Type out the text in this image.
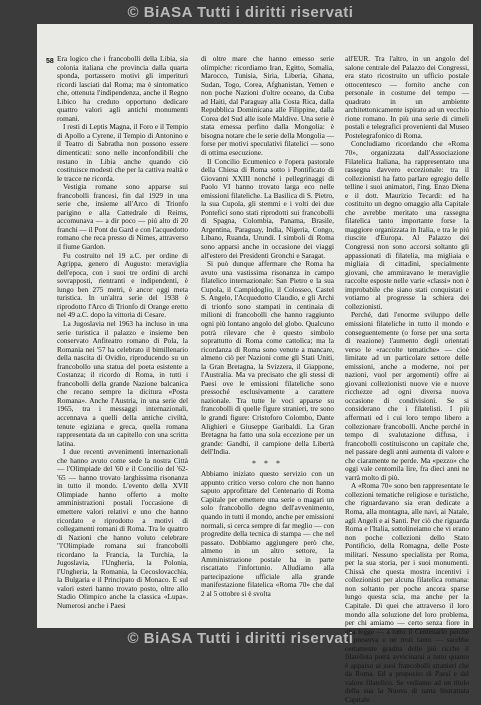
© BiASA Tutti i diritti riservati
58 Era logico che i francobolli della Libia, sia colonia italiana che provincia dalla quarta sponda, portassero motivi gli imperituri ricordi lasciati dal Roma; ma è sintomatico che, ottenuta l'indipendenza, anche il Regno Libico ha creduto opportuno dedicare quattro valori agli antichi monumenti romani.

I resti di Leptis Magna, il Foro e il Tempio di Apollo a Cyrene, il Tempio di Antonino e il Teatro di Sabratha non possono essere dimenticati: sono nelle inconfondibili che restano in Libia anche quando ciò costituisce modesti che per la cattiva realtà e le tracce ne ricorda.

Vestigia romane sono apparse sui francobolli francesi, fin dal 1929 in una serie che, insieme all'Arco di Trionfo parigino e alla Cattedrale di Reims, accomunava — a dir poco — piú alto di 20 franchi — il Pont du Gard e con l'acquedotto romano che reca presso di Nimes, attraverso il fiume Gardon.

Fu costruito nel 19 a.C. per ordine di Agrippa, genero di Augusto: meraviglia dell'epoca, con i suoi tre ordini di archi sovrapposti, rientranti e indipendenti, è lungo ben 275 metri, è ancor oggi meta turistica. In un'altra serie del 1938 è riprodotto l'Arco di Trionfo di Orange eretto nel 49 a.C. dopo la vittoria di Cesare.

La Jugoslavia nel 1963 ha incluso in una serie turistica il palazzo e insieme ben conservato Anfiteatro romano di Pola, la Romania nei '57 ha celebrato il bimillenario della nascita di Ovidio, riproducendo su un francobollo una statua del poeta esistente a Costanza; il ricordo di Roma, in tutti i francobolli della grande Nazione balcanica che recano sempre la dicitura «Posta Romana». Anche l'Austria, in una serie del 1965, tra i messaggi internazionali, accennava a quelli della antiche civiltà, tenute egiziana e greca, quella romana rappresentata da un capitello con una scritta latina.

I due recenti avvenimenti internazionali che hanno avuto come sede la nostra Città — l'Olimpiade del '60 e il Concilio del '62-'65 — hanno trovato larghissima risonanza in tutto il mondo. L'evento della XVII Olimpiade hanno offerto a molte amministrazioni postali l'occasione di emettere valori relativi e uno che hanno ricordato e riprodotto a motivi di collegamenti romani di Roma. Tra le quattro di Nazioni che hanno voluto celebrare "l'Olimpiade romana sui francobolli ricordano la Francia, la Turchia, la Jugoslavia, l'Ungheria, la Polonia, l'Ungheria, la Romania, la Cecoslovacchia, la Bulgaria e il Principato di Monaco. E sul valori esteri hanno trovato posto, oltre allo Stadio Olimpico anche la classica «Lupa». Numerosi anche i Paesi

di oltre mare che hanno emesso serie olimpiche: ricordiamo Iran, Egitto, Somalia, Marocco, Tunisia, Siria, Liberia, Ghana, Sudan, Togo, Corea, Afghanistan, Yemen e non poche Nazioni d'oltre oceano, da Cuba ad Haiti, dal Paraguay alla Costa Rica, dalla Repubblica Dominicana alle Filippine, dalla Corea del Sud alle isole Maldive. Una serie è stata emessa perfino dalla Mongolia: è bisogna notare che le serie della Mongolia — forse per motivi speculativi filatelici — sono di ottima esecuzione.

Il Concilio Ecumenico e l'opera pastorale della Chiesa di Roma sotto i Pontificato di Giovanni XXIII nonché i pellegrinaggi di Paolo VI hanno trovato larga eco nelle emissioni filateliche. La Basilica di S. Pietro, la sua Cupola, gli stemmi e i volti dei due Pontefici sono stati riprodotti sui francobolli di Spagna, Colombia, Panama, Brasile, Argentina, Paraguay, India, Nigeria, Congo, Libano, Ruanda, Urundi. I simboli di Roma sono apparsi anche in occasione dei viaggi all'estero dei Presidenti Gronchi e Saragat.

Si può dunque affermare che Roma ha avuto una vastissima risonanza in campo filatelico internazionale: San Pietro e la sua Cupola, il Campidoglio, il Colosseo, Castel S. Angelo, l'Acquedotto Claudio, e gli Archi di trionfo sono stampati in centinaia di milioni di francobolli che hanno raggiunto ogni più lontano angolo del globo. Qualcuno potrà rilevare che è questo simbolo soprattutto di Roma come cattolica; ma la ricordanza di Roma sono venute a mancare, almeno ciò per Nazioni come gli Stati Uniti, la Gran Bretagna, la Svizzera, il Giappone, l'Australia. Ma va precisato che gli stessi di Paesi ove le emissioni filateliche sono pressoché esclusivamente a carattere nazionale. Tra tutte le voci apparse su francobolli di quelle figure stranieri, tre sono le grandi figure: Cristoforo Colombo, Dante Alighieri e Giuseppe Garibaldi. La Gran Bretagna ha fatto una sola eccezione per un grande: Gandhi, il campione della Libertà dell'India.

* * *

Abbiamo iniziato questo servizio con un appunto critico verso coloro che non hanno saputo approfittare del Centenario di Roma Capitale per emettere una serie o magari un solo francobollo degno dell'avvenimento, quando in tutti il mondo, anche per emissioni normali, si cerca sempre di far meglio — con progredite della tecnica di stampa — che nel passato. Dobbiamo aggiungere però che, almeno in un altro settore, la Amministrazione postale ha in parte riscattato l'infortunio. Alludiamo alla partecipazione ufficiale alla grande manifestazione filatelica «Roma 70» che dal 2 al 5 ottobre si è svolta

all'EUR. Tra l'altro, in un angolo del salone centrale del Palazzo dei Congressi, era stato ricostruito un ufficio postale ottocentesco — fornito anche con personale in costume del tempo — quadrato in un ambiente architettonicamente ispirato ad un vecchio rione romano. In più una serie di cimeli postali e telegrafici provenienti dal Museo Postelegrafonico di Roma.

Concludiamo ricordando che «Roma 70», organizzata dall'Associazione Filatelica Italiana, ha rappresentato una rassegna davvero eccezionale: tra il collezionisti ha fatto parlare egregio delle telline i suoi animatori, l'ing. Enzo Diena e il dott. Maurizio Tecardi: ed ha costituito un degno omaggio alla Capitale che avrebbe meritato una rassegna filatelica tanto importante forse la maggiore organizzata in Italia, e tra le piú riuscite d'Europa. Al Palazzo dei Congressi non sono accorsi soltanto gli appassionati di filatelia, ma migliaia e migliaia di cittadini, specialmente giovani, che ammiravano le meraviglie raccolte esposte nelle varie «classi» non è improbabile che siano stati conquistati e votiamo al progresse la schiera dei collezionisti.

Perché, dati l'enorme sviluppo delle emissioni filateliche in tutto il mondo e conseguentemente (o forse per una sorta di reazione) l'aumento degli orientati verso le «raccolte tematiche» — cioè limitate ad un particolare settore delle emissioni, anche a moderne, noi per nazioni, vuol per argomenti) offre ai giovani collezionisti nuove vie e nuove ricchezze ad ogni diversa nuova occasione di condivisioni. Se si considerano che i filatelisti. I più affermati ed i cui loro tempo libero a collezionare francobolli. Anche perché in tempo di svalutazione diffusa, i francobolli costituiscono un capitale che, nel passare degli anni aumenta di valore e che ciaramente ne perde. Ma «pezzo» che oggi vale centomila lire, fra dieci anni ne varrà molto di più.

A «Roma 70» sono ben rappresentate le collezioni tematiche religiose e turistiche, che riguardavano sia eran dedicate a Roma, alla montagna, alle navi, ai Natale, agli Angeli e ai Santi. Per ciò che riguarda Roma e l'Italia, sottolineiamo che vi erano non poche collezioni dello Stato Pontificio, della Romagna, delle Poste militari. Nessuno specialista per Roma, per la sua storia, per i suoi monumenti. Chissà che questa mostra incentivi i collezionisti per alcuna filatelica romana: non soltanto per poche ancora sparse lungo questa scia, ma anche per la Capitale. Di quei che attraverso il loro mondo alla soluzione del loro problema, per chi amiamo — certo senza fiore in una legge — a tutto il Centenario perché si preserva e ne resti tanto — sarebbe certamente gradita delle più ricche il filatelista potrà avvicinarsi a tutto quanto è apparso ai suoi francobolli stranieri che da Roma. Ed a proposito di Paesi e del valore filatelico. Se vediamo ad un titolo della sua la Nuova di tanta bistrattata Capitale.

© BiASA Tutti i diritti riservati
